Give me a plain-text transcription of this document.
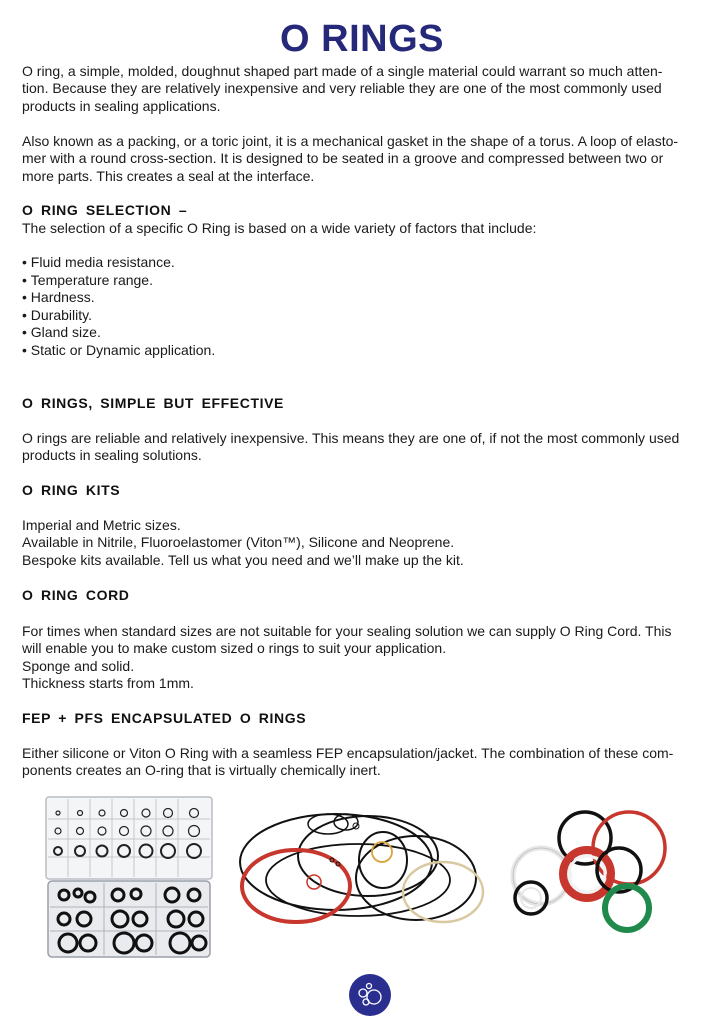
O RINGS
O ring, a simple, molded, doughnut shaped part made of a single material could warrant so much atten-
tion. Because they are relatively inexpensive and very reliable they are one of the most commonly used
products in sealing applications.
Also known as a packing, or a toric joint, it is a mechanical gasket in the shape of a torus. A loop of elasto-
mer with a round cross-section. It is designed to be seated in a groove and compressed between two or
more parts. This creates a seal at the interface.
O RING SELECTION –
The selection of a specific O Ring is based on a wide variety of factors that include:
• Fluid media resistance.
• Temperature range.
• Hardness.
• Durability.
• Gland size.
• Static or Dynamic application.
O RINGS, SIMPLE BUT EFFECTIVE
O rings are reliable and relatively inexpensive. This means they are one of, if not the most commonly used
products in sealing solutions.
O RING KITS
Imperial and Metric sizes.
Available in Nitrile, Fluoroelastomer (Viton™), Silicone and Neoprene.
Bespoke kits available. Tell us what you need and we’ll make up the kit.
O RING CORD
For times when standard sizes are not suitable for your sealing solution we can supply O Ring Cord. This
will enable you to make custom sized o rings to suit your application.
Sponge and solid.
Thickness starts from 1mm.
FEP + PFS ENCAPSULATED O RINGS
Either silicone or Viton O Ring with a seamless FEP encapsulation/jacket. The combination of these com-
ponents creates an O-ring that is virtually chemically inert.
